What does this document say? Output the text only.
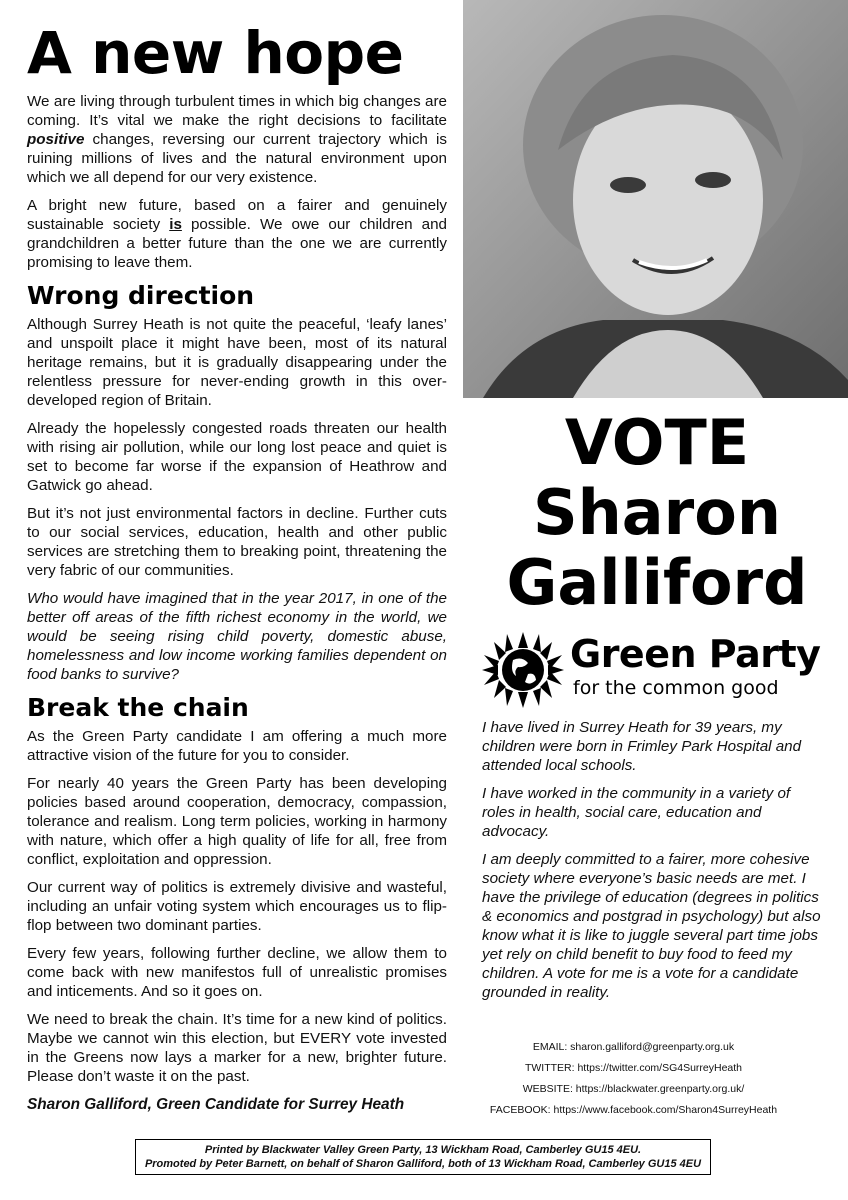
A new hope

We are living through turbulent times in which big changes are coming. It’s vital we make the right decisions to facilitate positive changes, reversing our current trajectory which is ruining millions of lives and the natural environment upon which we all depend for our very existence.

A bright new future, based on a fairer and genuinely sustainable society is possible. We owe our children and grandchildren a better future than the one we are currently promising to leave them.

Wrong direction

Although Surrey Heath is not quite the peaceful, ‘leafy lanes’ and unspoilt place it might have been, most of its natural heritage remains, but it is gradually disappearing under the relentless pressure for never-ending growth in this over-developed region of Britain.

Already the hopelessly congested roads threaten our health with rising air pollution, while our long lost peace and quiet is set to become far worse if the expansion of Heathrow and Gatwick go ahead.

But it’s not just environmental factors in decline. Further cuts to our social services, education, health and other public services are stretching them to breaking point, threatening the very fabric of our communities.

Who would have imagined that in the year 2017, in one of the better off areas of the fifth richest economy in the world, we would be seeing rising child poverty, domestic abuse, homelessness and low income working families dependent on food banks to survive?

Break the chain

As the Green Party candidate I am offering a much more attractive vision of the future for you to consider.

For nearly 40 years the Green Party has been developing policies based around cooperation, democracy, compassion, tolerance and realism. Long term policies, working in harmony with nature, which offer a high quality of life for all, free from conflict, exploitation and oppression.

Our current way of politics is extremely divisive and wasteful, including an unfair voting system which encourages us to flip-flop between two dominant parties.

Every few years, following further decline, we allow them to come back with new manifestos full of unrealistic promises and inticements. And so it goes on.

We need to break the chain. It’s time for a new kind of politics. Maybe we cannot win this election, but EVERY vote invested in the Greens now lays a marker for a new, brighter future. Please don’t waste it on the past.

Sharon Galliford, Green Candidate for Surrey Heath

VOTE
Sharon
Galliford
Green Party
for the common good

I have lived in Surrey Heath for 39 years, my children were born in Frimley Park Hospital and attended local schools.

I have worked in the community in a variety of roles in health, social care, education and advocacy.

I am deeply committed to a fairer, more cohesive society where everyone’s basic needs are met. I have the privilege of education (degrees in politics & economics and postgrad in psychology) but also know what it is like to juggle several part time jobs yet rely on child benefit to buy food to feed my children. A vote for me is a vote for a candidate grounded in reality.

EMAIL: sharon.galliford@greenparty.org.uk
TWITTER: https://twitter.com/SG4SurreyHeath
WEBSITE: https://blackwater.greenparty.org.uk/
FACEBOOK: https://www.facebook.com/Sharon4SurreyHeath
Printed by Blackwater Valley Green Party, 13 Wickham Road, Camberley GU15 4EU.
Promoted by Peter Barnett, on behalf of Sharon Galliford, both of 13 Wickham Road, Camberley GU15 4EU
